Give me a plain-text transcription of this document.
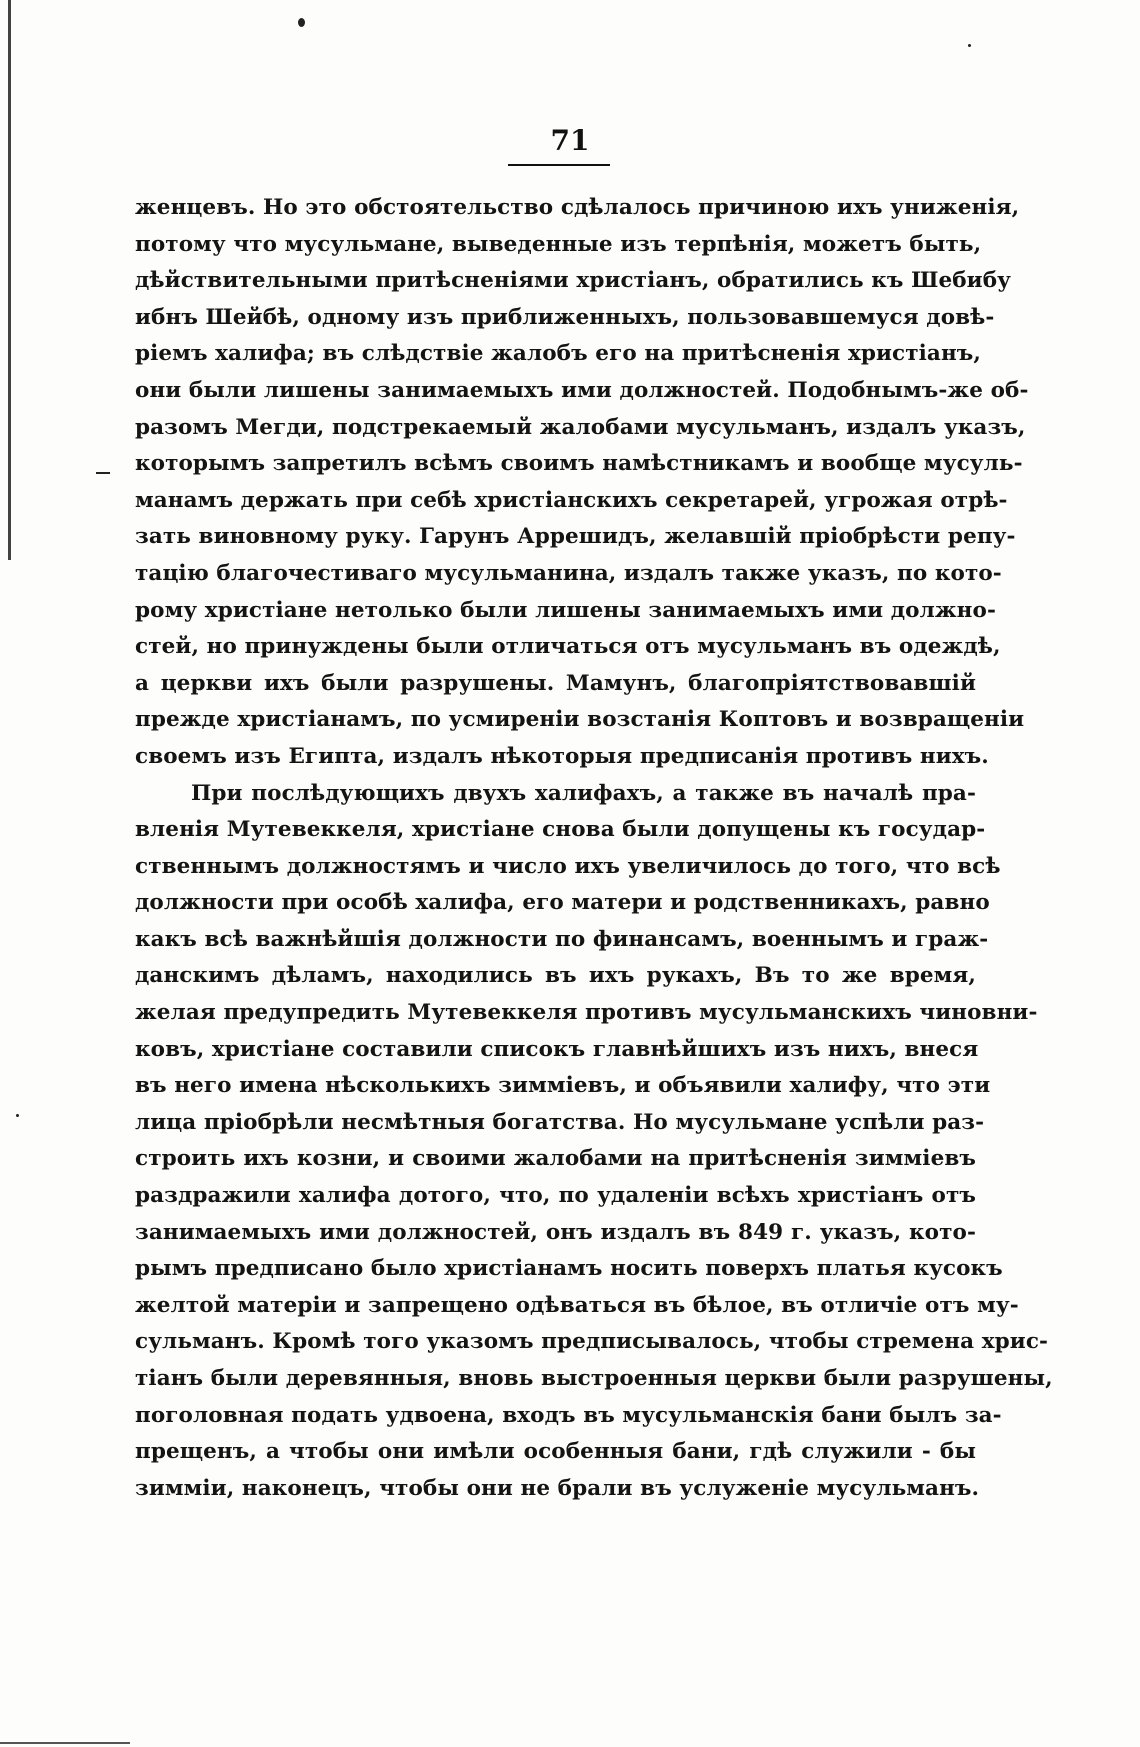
71
женцевъ. Но это обстоятельство сдѣлалось причиною ихъ униженія,
потому что мусульмане, выведенные изъ терпѣнія, можетъ быть,
дѣйствительными притѣсненіями христіанъ, обратились къ Шебибу
ибнъ Шейбѣ, одному изъ приближенныхъ, пользовавшемуся довѣ-
ріемъ халифа; въ слѣдствіе жалобъ его на притѣсненія христіанъ,
они были лишены занимаемыхъ ими должностей. Подобнымъ-же об-
разомъ Мегди, подстрекаемый жалобами мусульманъ, издалъ указъ,
которымъ запретилъ всѣмъ своимъ намѣстникамъ и вообще мусуль-
манамъ держать при себѣ христіанскихъ секретарей, угрожая отрѣ-
зать виновному руку. Гарунъ Аррешидъ, желавшій пріобрѣсти репу-
тацію благочестиваго мусульманина, издалъ также указъ, по кото-
рому христiане нетолько были лишены занимаемыхъ ими должно-
стей, но принуждены были отличаться отъ мусульманъ въ одеждѣ,
а церкви ихъ были разрушены. Мамунъ, благопріятствовавшій
прежде христіанамъ, по усмиреніи возстанія Коптовъ и возвращеніи
своемъ изъ Египта, издалъ нѣкоторыя предписанія противъ нихъ.
При послѣдующихъ двухъ халифахъ, а также въ началѣ пра-
вленія Мутевеккеля, христіане снова были допущены къ государ-
ственнымъ должностямъ и число ихъ увеличилось до того, что всѣ
должности при особѣ халифа, его матери и родственникахъ, равно
какъ всѣ важнѣйшія должности по финансамъ, военнымъ и граж-
данскимъ дѣламъ, находились въ ихъ рукахъ, Въ то же время,
желая предупредить Мутевеккеля противъ мусульманскихъ чиновни-
ковъ, христіане составили списокъ главнѣйшихъ изъ нихъ, внеся
въ него имена нѣсколькихъ зимміевъ, и объявили халифу, что эти
лица пріобрѣли несмѣтныя богатства. Но мусульмане успѣли раз-
строить ихъ козни, и своими жалобами на притѣсненія зимміевъ
раздражили халифа дотого, что, по удаленіи всѣхъ христіанъ отъ
занимаемыхъ ими должностей, онъ издалъ въ 849 г. указъ, кото-
рымъ предписано было христіанамъ носить поверхъ платья кусокъ
желтой матеріи и запрещено одѣваться въ бѣлое, въ отличіе отъ му-
сульманъ. Кромѣ того указомъ предписывалось, чтобы стремена хрис-
тіанъ были деревянныя, вновь выстроенныя церкви были разрушены,
поголовная подать удвоена, входъ въ мусульманскія бани былъ за-
прещенъ, а чтобы они имѣли особенныя бани, гдѣ служили - бы
зиммiи, наконецъ, чтобы они не брали въ услуженіе мусульманъ.
